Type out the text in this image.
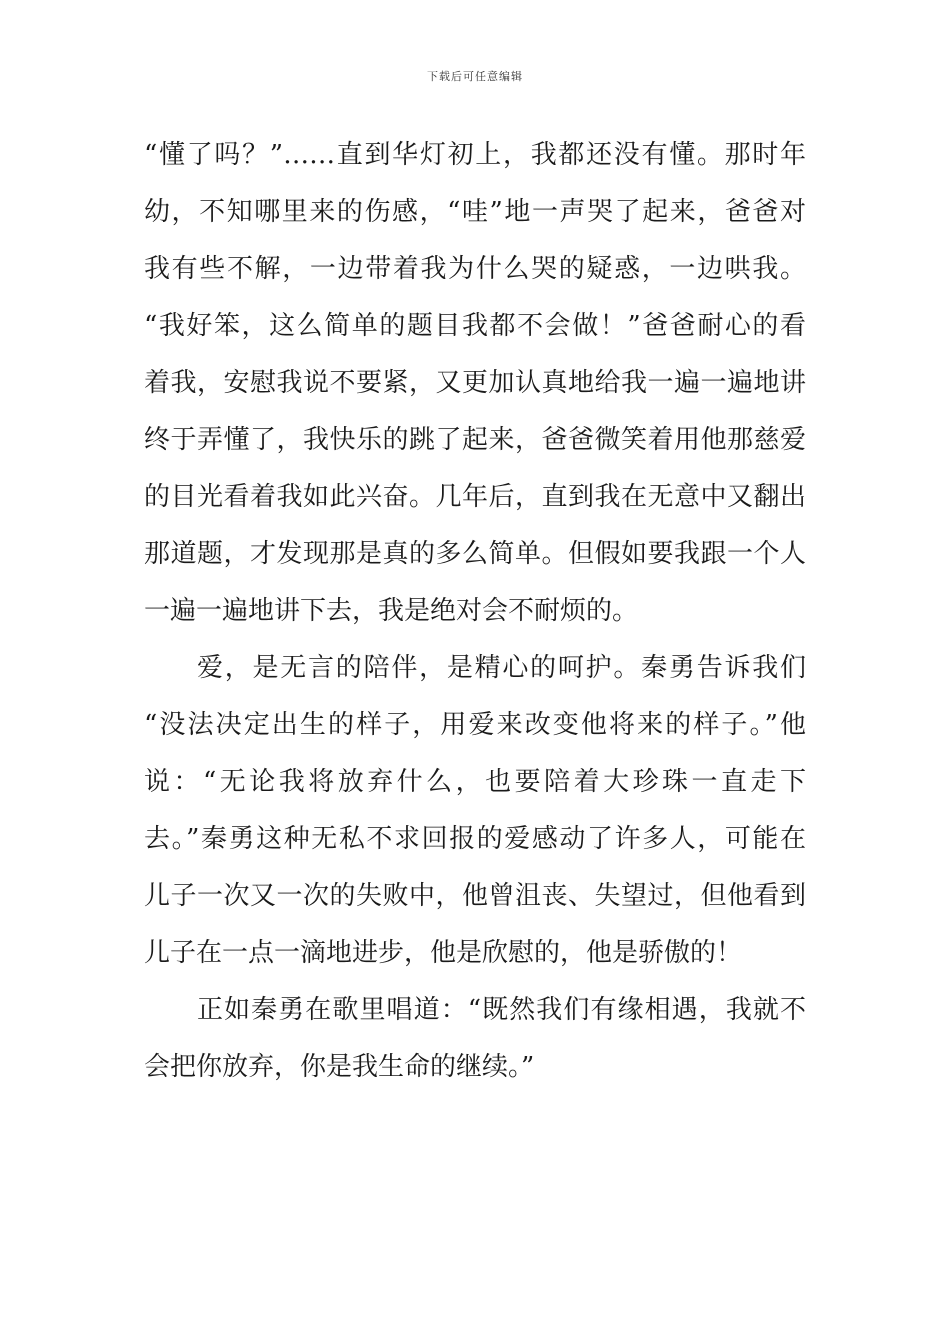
下载后可任意编辑
“懂了吗？”……直到华灯初上，我都还没有懂。那时年
幼，不知哪里来的伤感，“哇”地一声哭了起来，爸爸对
我有些不解，一边带着我为什么哭的疑惑，一边哄我。
“我好笨，这么简单的题目我都不会做！”爸爸耐心的看
着我，安慰我说不要紧，又更加认真地给我一遍一遍地讲
终于弄懂了，我快乐的跳了起来，爸爸微笑着用他那慈爱
的目光看着我如此兴奋。几年后，直到我在无意中又翻出
那道题，才发现那是真的多么简单。但假如要我跟一个人
一遍一遍地讲下去，我是绝对会不耐烦的。
爱，是无言的陪伴，是精心的呵护。秦勇告诉我们
“没法决定出生的样子，用爱来改变他将来的样子。”他
说：“无论我将放弃什么，也要陪着大珍珠一直走下
去。”秦勇这种无私不求回报的爱感动了许多人，可能在
儿子一次又一次的失败中，他曾沮丧、失望过，但他看到
儿子在一点一滴地进步，他是欣慰的，他是骄傲的！
正如秦勇在歌里唱道：“既然我们有缘相遇，我就不
会把你放弃，你是我生命的继续。”
